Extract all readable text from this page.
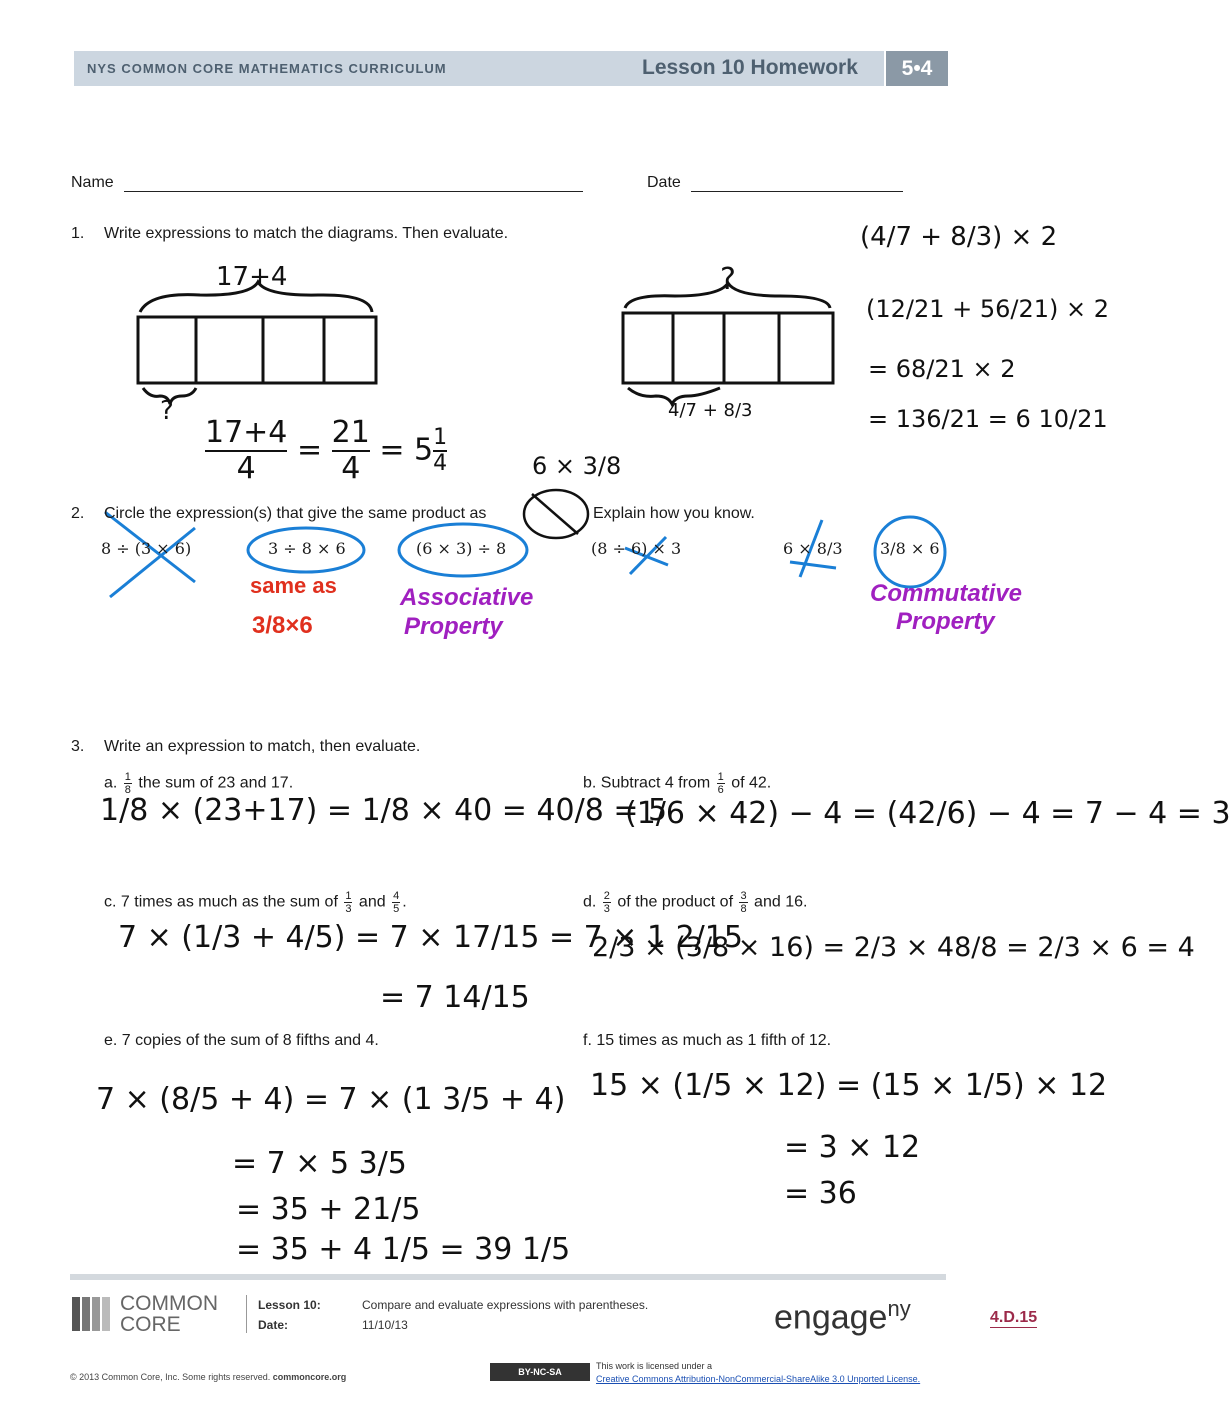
NYS COMMON CORE MATHEMATICS CURRICULUM	Lesson 10 Homework	5•4
Name	Date
1. Write expressions to match the diagrams. Then evaluate.
17+4
?
$\frac{17+4}{4} = \frac{21}{4} = 5 \frac{1}{4}$
?
4/7 + 8/3
(4/7 + 8/3) × 2
(12/21 + 56/21) × 2
= 68/21 × 2
= 136/21 = 6 10/21
6 × 3/8
2. Circle the expression(s) that give the same product as	Explain how you know.
8 ÷ (3 × 6)	3 ÷ 8 × 6	(6 × 3) ÷ 8	(8 ÷ 6) × 3	6 × 8/3 3/8 × 6
same as
3/8×6
Associative
Property
Commutative
Property
3. Write an expression to match, then evaluate.
a. $\frac{1}{8}$ the sum of 23 and 17.
1/8 × (23+17) = 1/8 × 40 = 40/8 = 5
b. Subtract 4 from $\frac{1}{6}$ of 42.
(1/6 × 42) − 4 = (42/6) − 4 = 7 − 4 = 3
c. 7 times as much as the sum of $\frac{1}{3}$ and $\frac{4}{5}$ .
7 × (1/3 + 4/5) = 7 × 17/15 = 7 × 1 2/15
= 7 14/15
d. $\frac{2}{3}$ of the product of $\frac{3}{8}$ and 16.
2/3 × (3/8 × 16) = 2/3 × 48/8 = 2/3 × 6 = 4
e. 7 copies of the sum of 8 fifths and 4.
7 × (8/5 + 4) = 7 × (1 3/5 + 4)
= 7 × 5 3/5
= 35 + 21/5
= 35 + 4 1/5 = 39 1/5
f. 15 times as much as 1 fifth of 12.
15 × (1/5 × 12) = (15 × 1/5) × 12
= 3 × 12
= 36
COMMON
CORE
Lesson 10:	Compare and evaluate expressions with parentheses.
Date:	11/10/13	engage$^{ny}$	4.D.15
© 2013 Common Core, Inc. Some rights reserved. commoncore.org	BY-NC-SA
This work is licensed under a
Creative Commons Attribution-NonCommercial-ShareAlike 3.0 Unported License.
